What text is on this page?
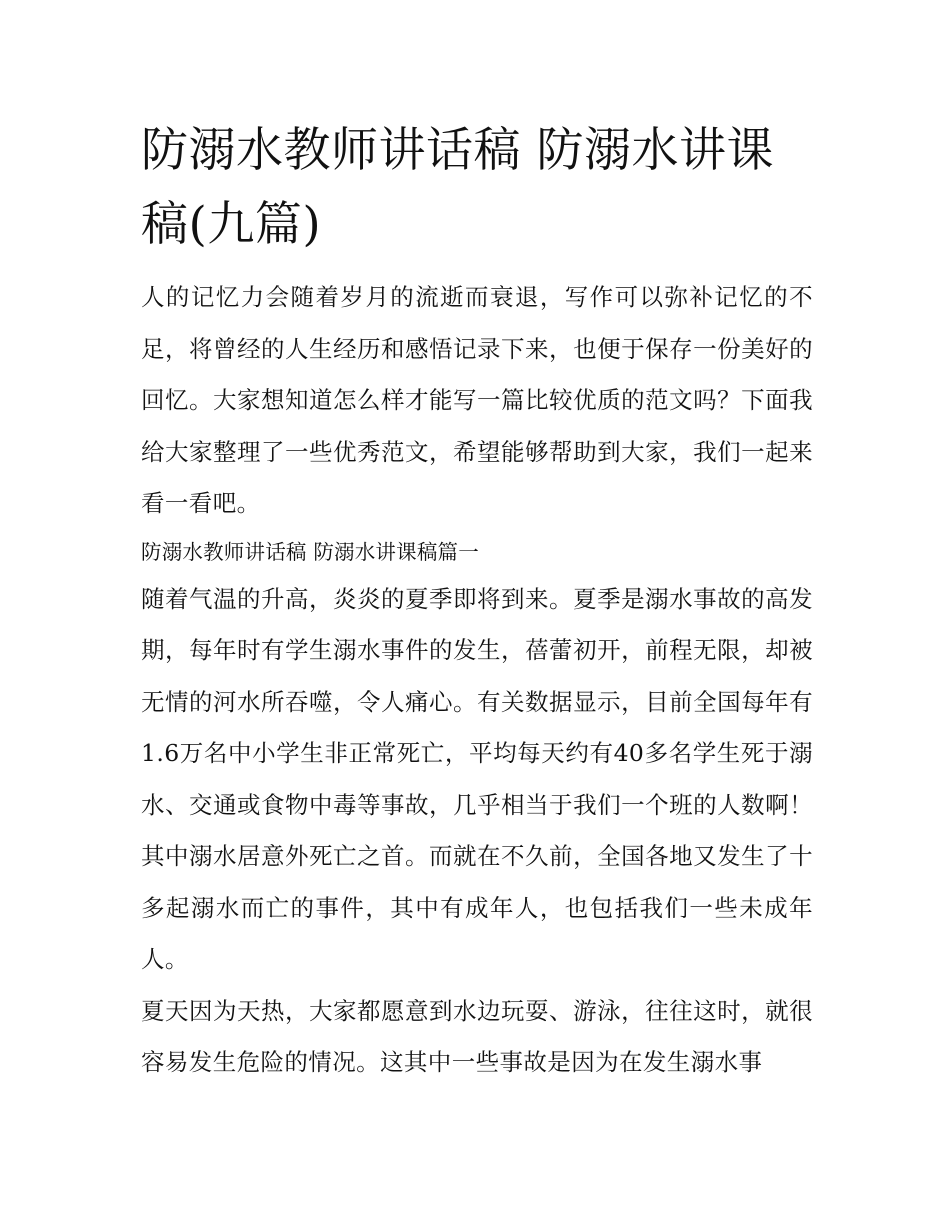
防溺水教师讲话稿 防溺水讲课稿(九篇)

人的记忆力会随着岁月的流逝而衰退，写作可以弥补记忆的不足，将曾经的人生经历和感悟记录下来，也便于保存一份美好的回忆。大家想知道怎么样才能写一篇比较优质的范文吗？下面我给大家整理了一些优秀范文，希望能够帮助到大家，我们一起来看一看吧。

防溺水教师讲话稿 防溺水讲课稿篇一

随着气温的升高，炎炎的夏季即将到来。夏季是溺水事故的高发期，每年时有学生溺水事件的发生，蓓蕾初开，前程无限，却被无情的河水所吞噬，令人痛心。有关数据显示，目前全国每年有1.6万名中小学生非正常死亡，平均每天约有40多名学生死于溺水、交通或食物中毒等事故，几乎相当于我们一个班的人数啊！其中溺水居意外死亡之首。而就在不久前，全国各地又发生了十多起溺水而亡的事件，其中有成年人，也包括我们一些未成年人。

夏天因为天热，大家都愿意到水边玩耍、游泳，往往这时，就很容易发生危险的情况。这其中一些事故是因为在发生溺水事
